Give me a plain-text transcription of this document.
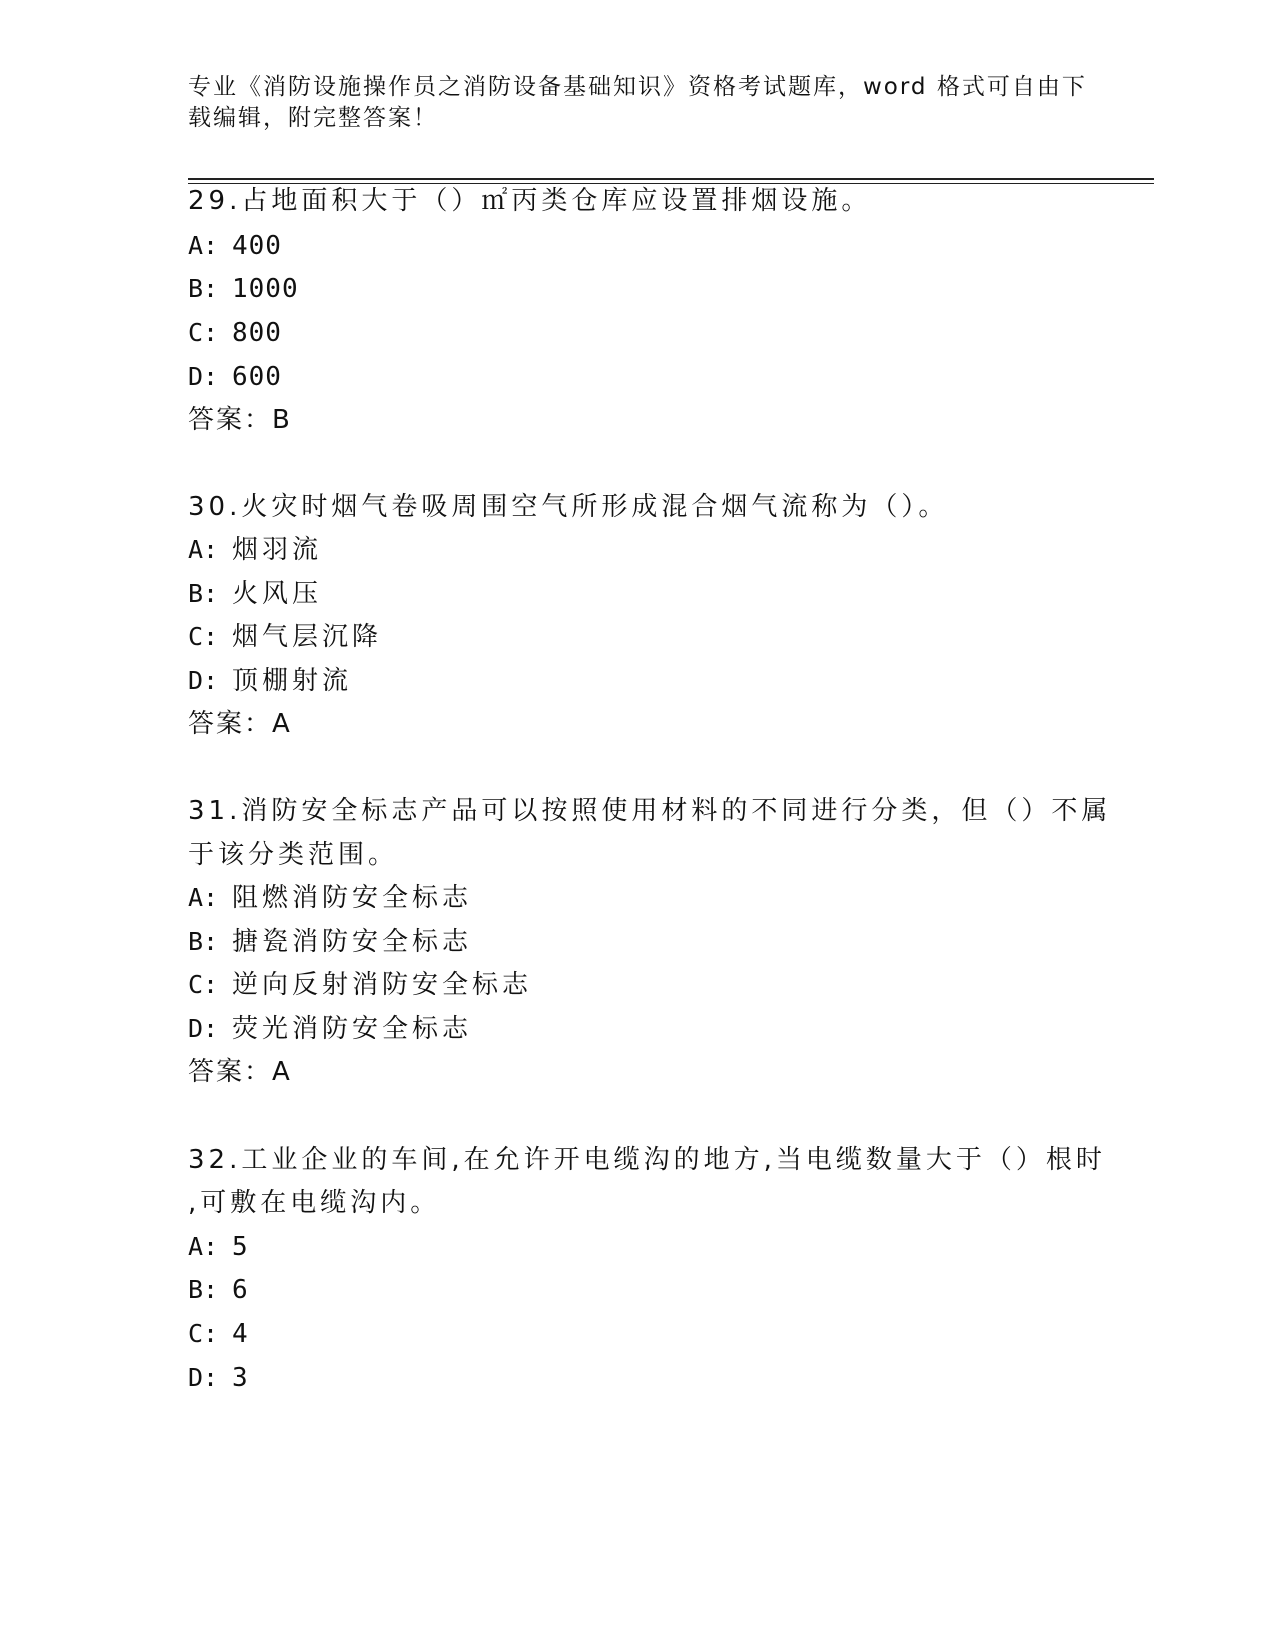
专业《消防设施操作员之消防设备基础知识》资格考试题库，word 格式可自由下
载编辑，附完整答案！
29.占地面积大于（）㎡丙类仓库应设置排烟设施。
A: 400
B: 1000
C: 800
D: 600
答案：B
30.火灾时烟气卷吸周围空气所形成混合烟气流称为（）。
A: 烟羽流
B: 火风压
C: 烟气层沉降
D: 顶棚射流
答案：A
31.消防安全标志产品可以按照使用材料的不同进行分类，但（）不属
于该分类范围。
A: 阻燃消防安全标志
B: 搪瓷消防安全标志
C: 逆向反射消防安全标志
D: 荧光消防安全标志
答案：A
32.工业企业的车间,在允许开电缆沟的地方,当电缆数量大于（）根时
,可敷在电缆沟内。
A: 5
B: 6
C: 4
D: 3
